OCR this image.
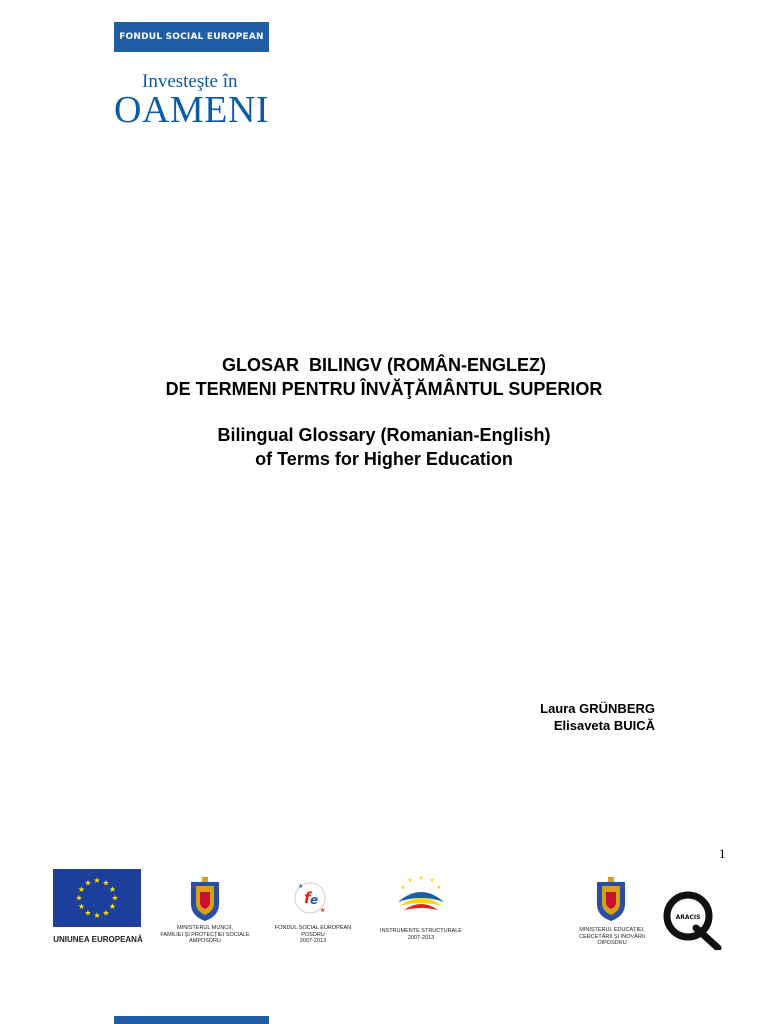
FONDUL SOCIAL EUROPEAN
Investeşte în
OAMENI
GLOSAR  BILINGV (ROMÂN-ENGLEZ)
DE TERMENI PENTRU ÎNVĂŢĂMÂNTUL SUPERIOR
Bilingual Glossary (Romanian-English)
of Terms for Higher Education
Laura GRÜNBERG
Elisaveta BUICĂ
1
★ ★
★
★
★
★
★
★
★
★
★
★
UNIUNEA EUROPEANĂ
MINISTERUL MUNCII,
FAMILIEI ŞI PROTECŢIEI SOCIALE
AMPOSDRU
f e
★
★
FONDUL SOCIAL EUROPEAN
POSDRU
2007-2013
★ ★
★
★
★
INSTRUMENTE STRUCTURALE
2007-2013
MINISTERUL EDUCAŢIEI,
CERCETĂRII ŞI INOVĂRII
OIPOSDRU
ARACIS
